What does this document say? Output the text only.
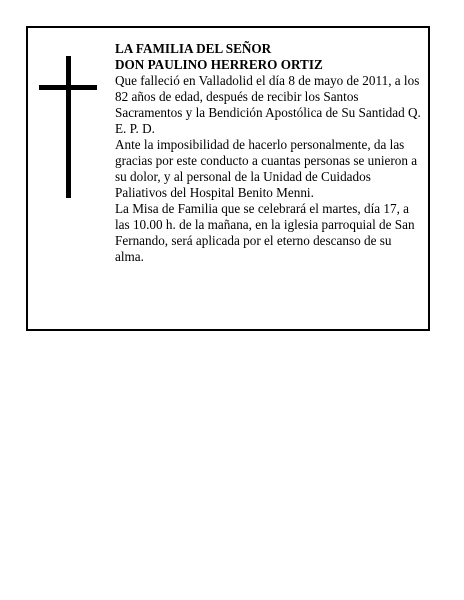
LA FAMILIA DEL SEÑOR

DON PAULINO HERRERO ORTIZ

Que falleció en Valladolid el día 8 de mayo de 2011, a los 82 años de edad, después de recibir los Santos Sacramentos y la Bendición Apostólica de Su Santidad Q. E. P. D.

Ante la imposibilidad de hacerlo personalmente, da las gracias por este conducto a cuantas personas se unieron a su dolor, y al personal de la Unidad de Cuidados Paliativos del Hospital Benito Menni.

La Misa de Familia que se celebrará el martes, día 17, a las 10.00 h. de la mañana, en la iglesia parroquial de San Fernando, será aplicada por el eterno descanso de su alma.
